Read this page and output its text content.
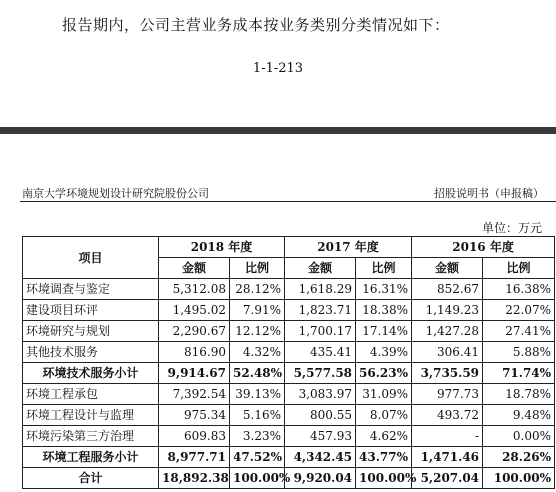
报告期内，公司主营业务成本按业务类别分类情况如下：
1-1-213
南京大学环境规划设计研究院股份公司	招股说明书（申报稿）
单位：万元
项目	2018 年度		2017 年度		2016 年度	
	金额	比例	金额	比例	金额	比例
环境调查与鉴定	5,312.08	28.12%	1,618.29	16.31%	852.67	16.38%
建设项目环评	1,495.02	7.91%	1,823.71	18.38%	1,149.23	22.07%
环境研究与规划	2,290.67	12.12%	1,700.17	17.14%	1,427.28	27.41%
其他技术服务	816.90	4.32%	435.41	4.39%	306.41	5.88%
环境技术服务小计	9,914.67	52.48%	5,577.58	56.23%	3,735.59	71.74%
环境工程承包	7,392.54	39.13%	3,083.97	31.09%	977.73	18.78%
环境工程设计与监理	975.34	5.16%	800.55	8.07%	493.72	9.48%
环境污染第三方治理	609.83	3.23%	457.93	4.62%	-	0.00%
环境工程服务小计	8,977.71	47.52%	4,342.45	43.77%	1,471.46	28.26%
合计	18,892.38	100.00%	9,920.04	100.00%	5,207.04	100.00%
